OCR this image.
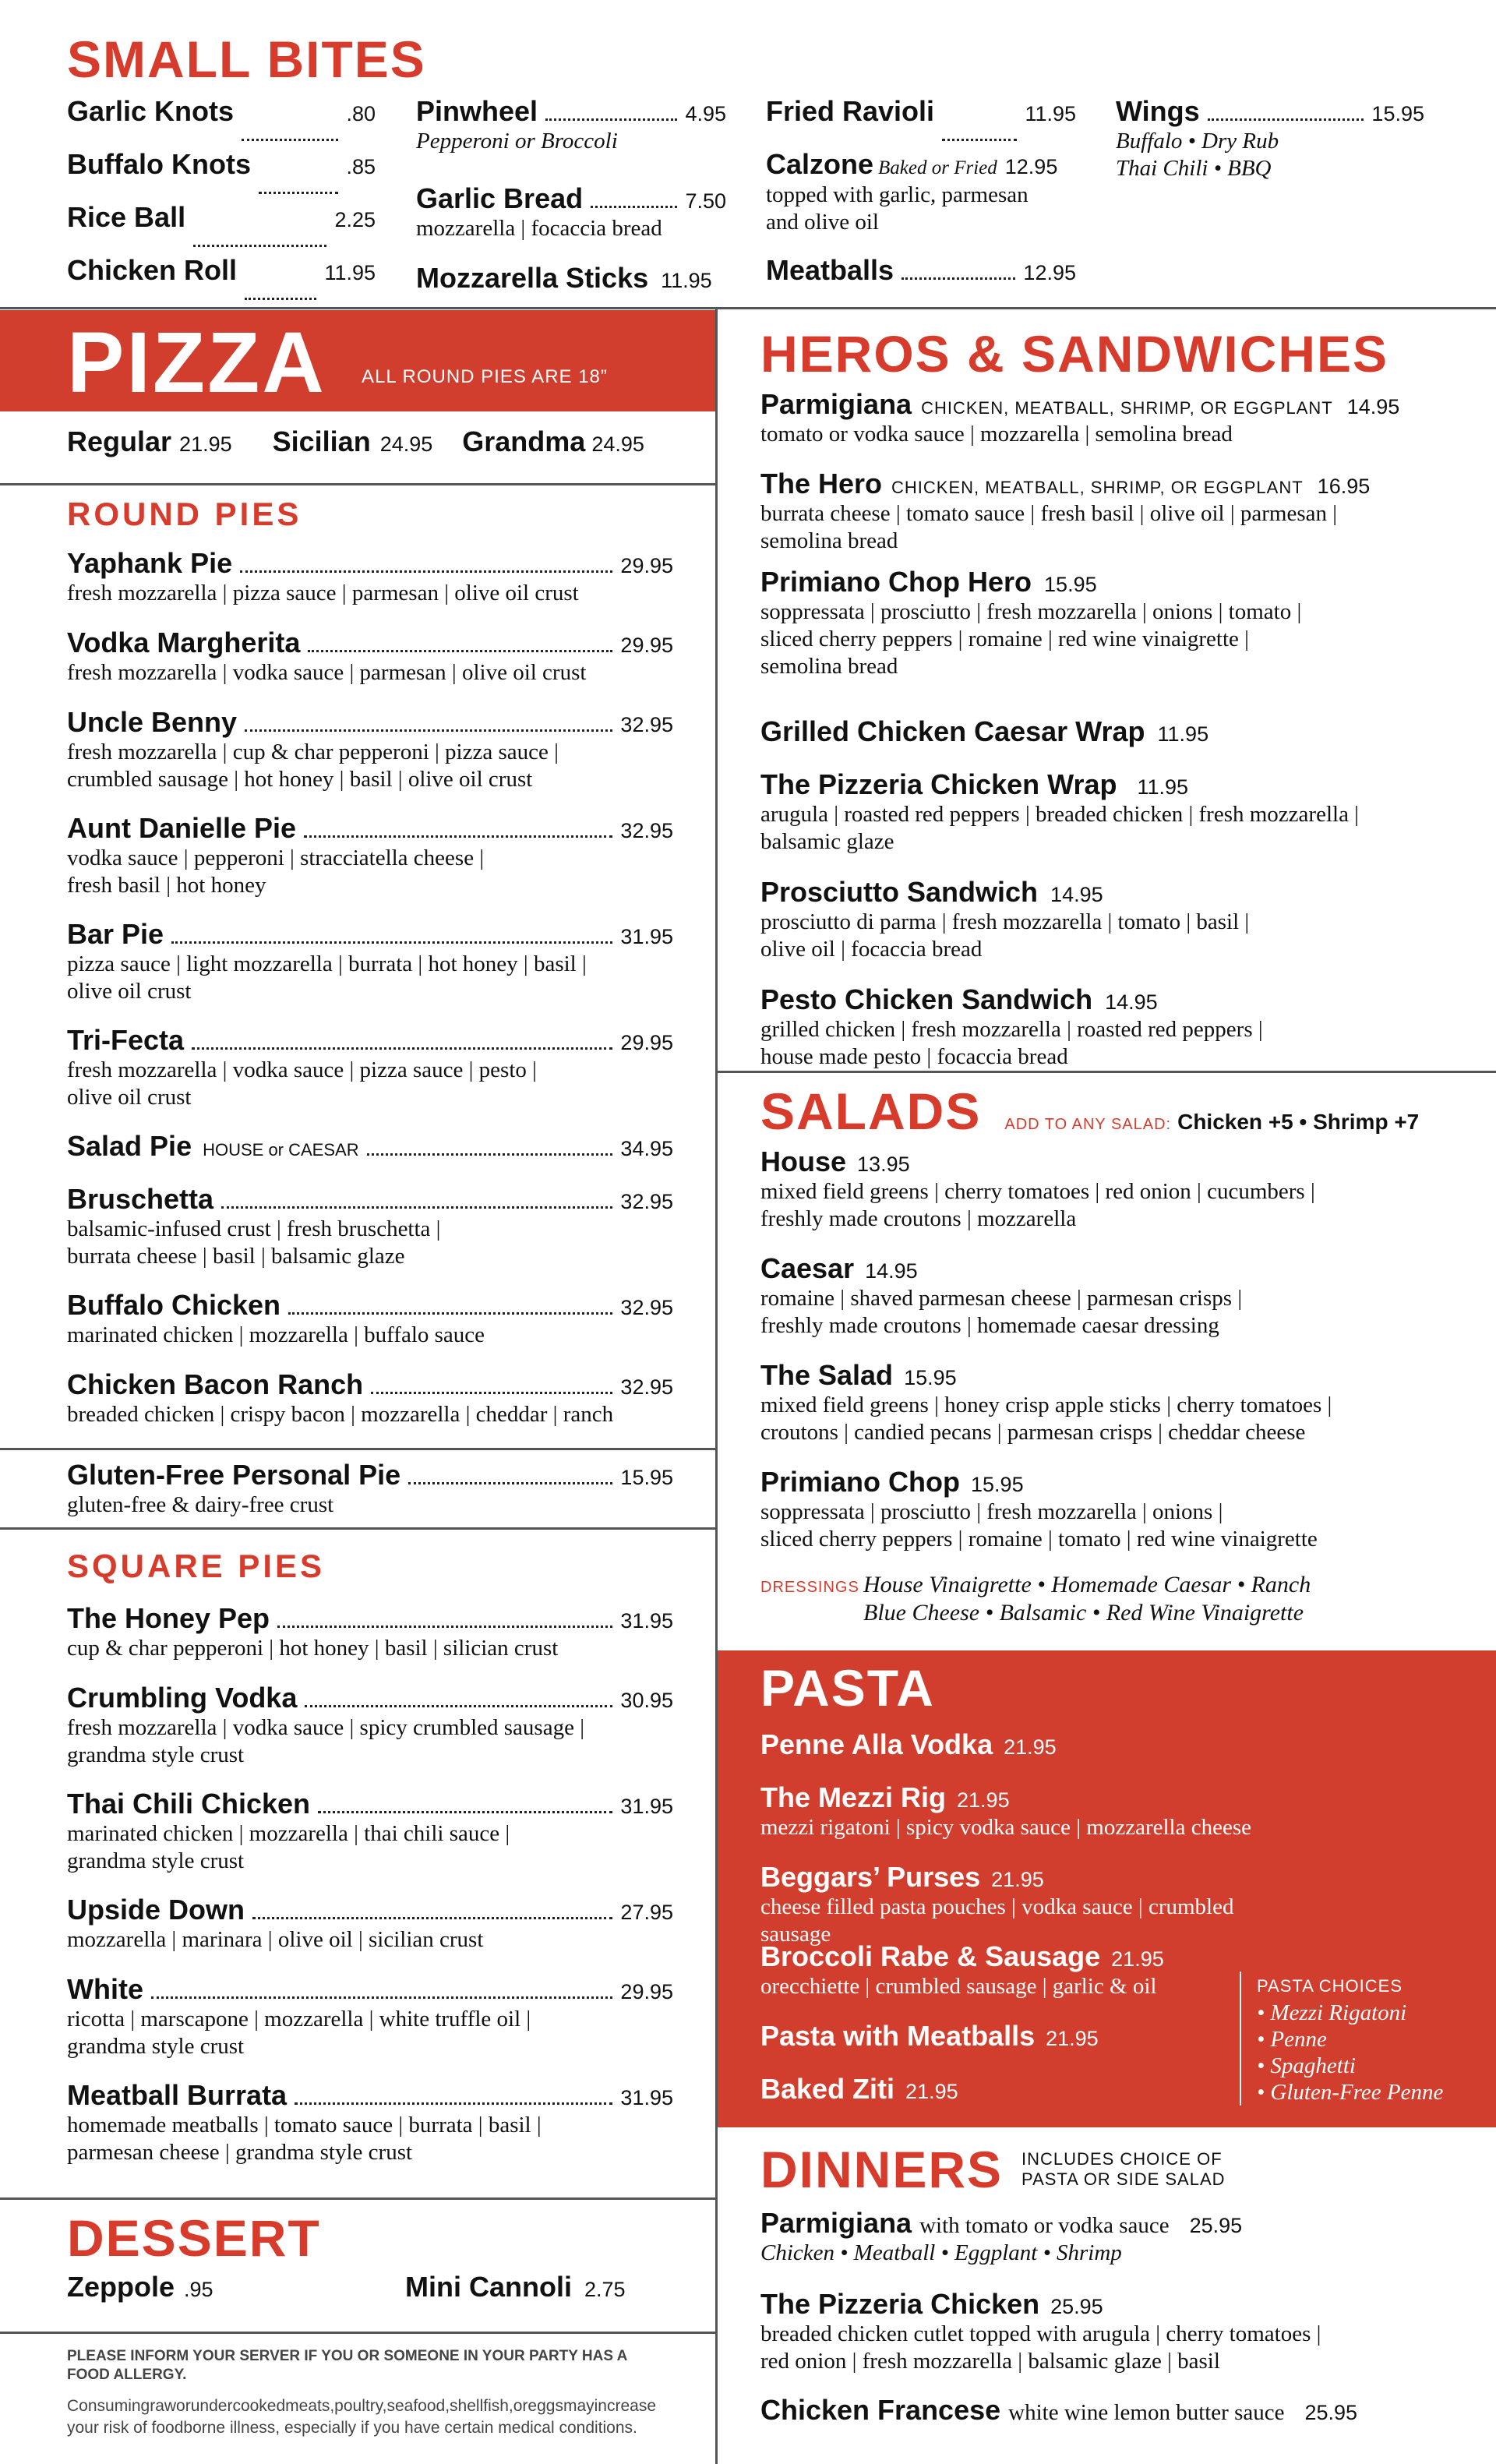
SMALL BITES
Garlic Knots	.80
Buffalo Knots	.85
Rice Ball	2.25
Chicken Roll	11.95
Pinwheel	4.95
Pepperoni or Broccoli
Garlic Bread	7.50
mozzarella | focaccia bread
Mozzarella Sticks 11.95
Fried Ravioli	11.95
Calzone Baked or Fried 12.95
topped with garlic, parmesan
and olive oil
Meatballs	12.95
Wings	15.95
Buffalo • Dry Rub
Thai Chili • BBQ
PIZZA ALL ROUND PIES ARE 18”
Regular 21.95 Sicilian 24.95 Grandma 24.95
ROUND PIES
Yaphank Pie	29.95
fresh mozzarella | pizza sauce | parmesan | olive oil crust
Vodka Margherita	29.95
fresh mozzarella | vodka sauce | parmesan | olive oil crust
Uncle Benny	32.95
fresh mozzarella | cup & char pepperoni | pizza sauce |
crumbled sausage | hot honey | basil | olive oil crust
Aunt Danielle Pie	32.95
vodka sauce | pepperoni | stracciatella cheese |
fresh basil | hot honey
Bar Pie	31.95
pizza sauce | light mozzarella | burrata | hot honey | basil |
olive oil crust
Tri-Fecta	29.95
fresh mozzarella | vodka sauce | pizza sauce | pesto |
olive oil crust
Salad Pie HOUSE or CAESAR	34.95
Bruschetta	32.95
balsamic-infused crust | fresh bruschetta |
burrata cheese | basil | balsamic glaze
Buffalo Chicken	32.95
marinated chicken | mozzarella | buffalo sauce
Chicken Bacon Ranch	32.95
breaded chicken | crispy bacon | mozzarella | cheddar | ranch
Gluten-Free Personal Pie	15.95
gluten-free & dairy-free crust
SQUARE PIES
The Honey Pep	31.95
cup & char pepperoni | hot honey | basil | silician crust
Crumbling Vodka	30.95
fresh mozzarella | vodka sauce | spicy crumbled sausage |
grandma style crust
Thai Chili Chicken	31.95
marinated chicken | mozzarella | thai chili sauce |
grandma style crust
Upside Down	27.95
mozzarella | marinara | olive oil | sicilian crust
White	29.95
ricotta | marscapone | mozzarella | white truffle oil |
grandma style crust
Meatball Burrata	31.95
homemade meatballs | tomato sauce | burrata | basil |
parmesan cheese | grandma style crust
DESSERT
Zeppole .95	Mini Cannoli 2.75
PLEASE INFORM YOUR SERVER IF YOU OR SOMEONE IN YOUR PARTY HAS A
FOOD ALLERGY.
Consumingraworundercookedmeats,poultry,seafood,shellfish,oreggsmayincrease
your risk of foodborne illness, especially if you have certain medical conditions.
HEROS & SANDWICHES
Parmigiana CHICKEN, MEATBALL, SHRIMP, OR EGGPLANT 14.95
tomato or vodka sauce | mozzarella | semolina bread
The Hero CHICKEN, MEATBALL, SHRIMP, OR EGGPLANT 16.95
burrata cheese | tomato sauce | fresh basil | olive oil | parmesan |
semolina bread
Primiano Chop Hero 15.95
soppressata | prosciutto | fresh mozzarella | onions | tomato |
sliced cherry peppers | romaine | red wine vinaigrette |
semolina bread
Grilled Chicken Caesar Wrap 11.95
The Pizzeria Chicken Wrap 11.95
arugula | roasted red peppers | breaded chicken | fresh mozzarella |
balsamic glaze
Prosciutto Sandwich 14.95
prosciutto di parma | fresh mozzarella | tomato | basil |
olive oil | focaccia bread
Pesto Chicken Sandwich 14.95
grilled chicken | fresh mozzarella | roasted red peppers |
house made pesto | focaccia bread
SALADS ADD TO ANY SALAD: Chicken +5 • Shrimp +7
House 13.95
mixed field greens | cherry tomatoes | red onion | cucumbers |
freshly made croutons | mozzarella
Caesar 14.95
romaine | shaved parmesan cheese | parmesan crisps |
freshly made croutons | homemade caesar dressing
The Salad 15.95
mixed field greens | honey crisp apple sticks | cherry tomatoes |
croutons | candied pecans | parmesan crisps | cheddar cheese
Primiano Chop 15.95
soppressata | prosciutto | fresh mozzarella | onions |
sliced cherry peppers | romaine | tomato | red wine vinaigrette
DRESSINGS House Vinaigrette • Homemade Caesar • Ranch
Blue Cheese • Balsamic • Red Wine Vinaigrette
PASTA
Penne Alla Vodka 21.95
The Mezzi Rig 21.95
mezzi rigatoni | spicy vodka sauce | mozzarella cheese
Beggars’ Purses 21.95
cheese filled pasta pouches | vodka sauce | crumbled sausage
Broccoli Rabe & Sausage 21.95
orecchiette | crumbled sausage | garlic & oil
Pasta with Meatballs 21.95
Baked Ziti 21.95
PASTA CHOICES
• Mezzi Rigatoni
• Penne
• Spaghetti
• Gluten-Free Penne
DINNERS INCLUDES CHOICE OF
PASTA OR SIDE SALAD
Parmigiana with tomato or vodka sauce 25.95
Chicken • Meatball • Eggplant • Shrimp
The Pizzeria Chicken 25.95
breaded chicken cutlet topped with arugula | cherry tomatoes |
red onion | fresh mozzarella | balsamic glaze | basil
Chicken Francese white wine lemon butter sauce 25.95
